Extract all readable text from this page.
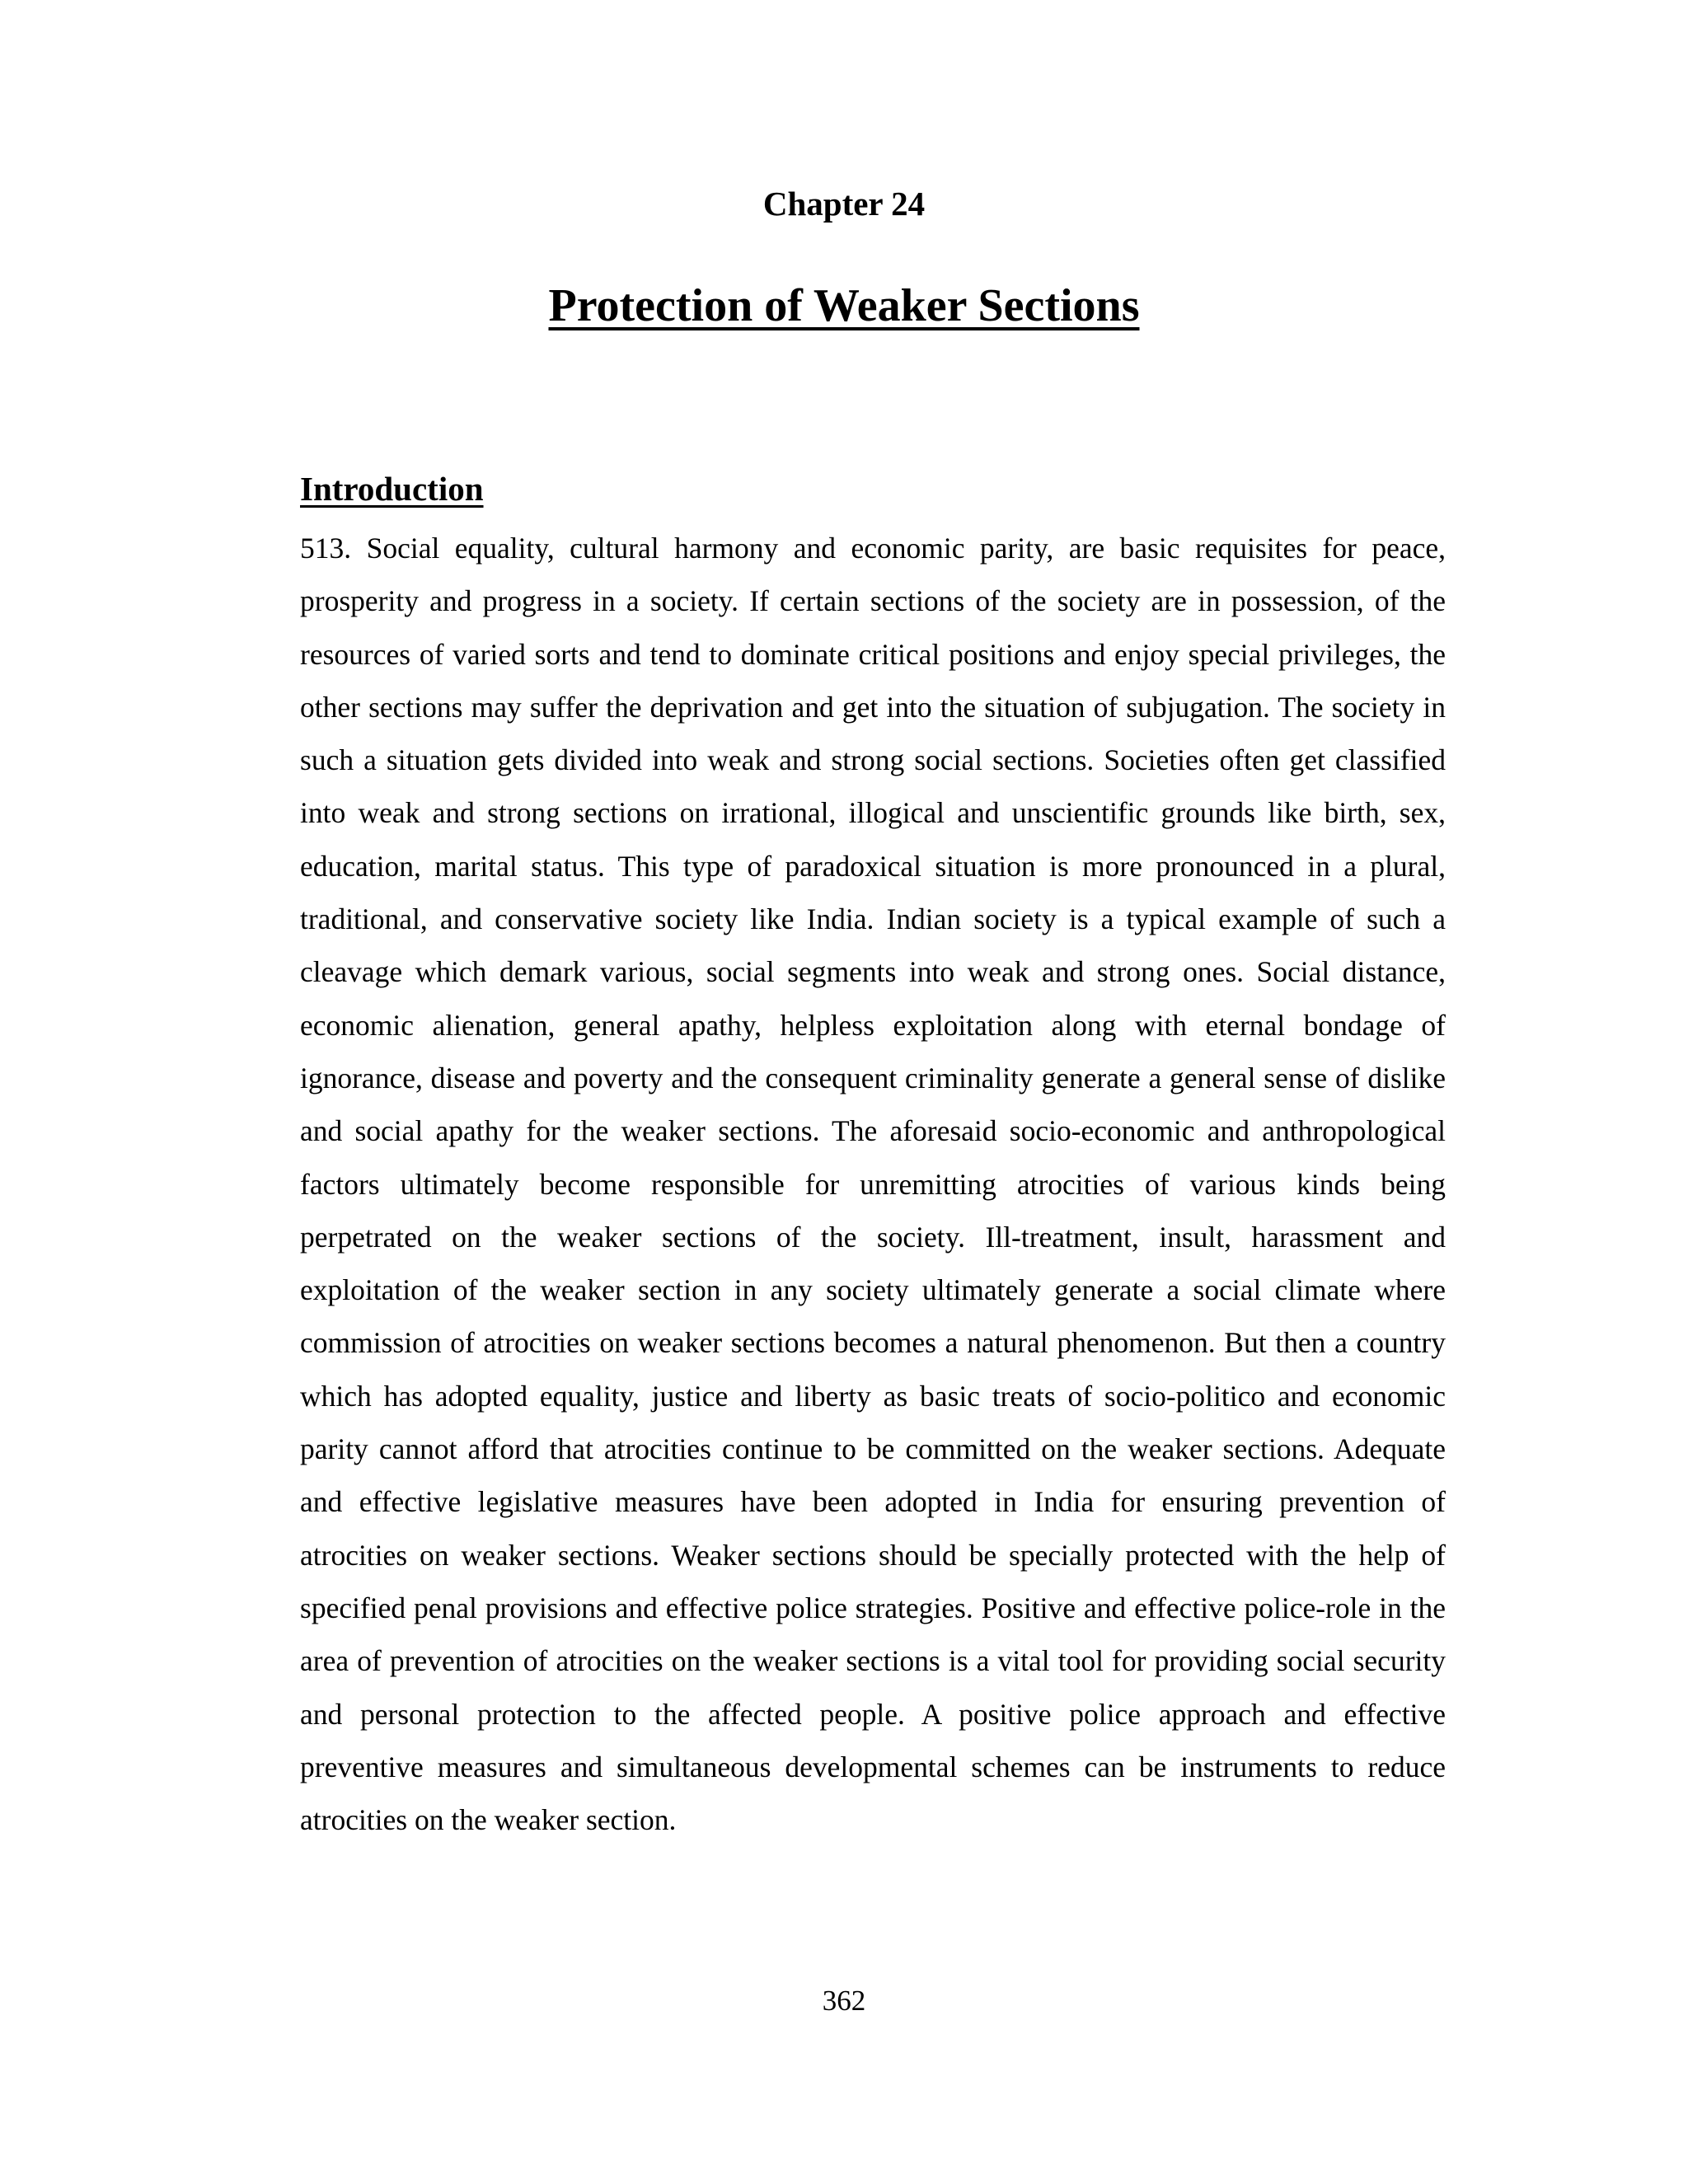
Chapter 24
Protection of Weaker Sections
Introduction

513. Social equality, cultural harmony and economic parity, are basic requisites for peace, prosperity and progress in a society. If certain sections of the society are in possession, of the resources of varied sorts and tend to dominate critical positions and enjoy special privileges, the other sections may suffer the deprivation and get into the situation of subjugation. The society in such a situation gets divided into weak and strong social sections. Societies often get classified into weak and strong sections on irrational, illogical and unscientific grounds like birth, sex, education, marital status. This type of paradoxical situation is more pronounced in a plural, traditional, and conservative society like India. Indian society is a typical example of such a cleavage which demark various, social segments into weak and strong ones. Social distance, economic alienation, general apathy, helpless exploitation along with eternal bondage of ignorance, disease and poverty and the consequent criminality generate a general sense of dislike and social apathy for the weaker sections. The aforesaid socio-economic and anthropological factors ultimately become responsible for unremitting atrocities of various kinds being perpetrated on the weaker sections of the society. Ill-treatment, insult, harassment and exploitation of the weaker section in any society ultimately generate a social climate where commission of atrocities on weaker sections becomes a natural phenomenon. But then a country which has adopted equality, justice and liberty as basic treats of socio-politico and economic parity cannot afford that atrocities continue to be committed on the weaker sections. Adequate and effective legislative measures have been adopted in India for ensuring prevention of atrocities on weaker sections. Weaker sections should be specially protected with the help of specified penal provisions and effective police strategies. Positive and effective police-role in the area of prevention of atrocities on the weaker sections is a vital tool for providing social security and personal protection to the affected people. A positive police approach and effective preventive measures and simultaneous developmental schemes can be instruments to reduce atrocities on the weaker section.

362
